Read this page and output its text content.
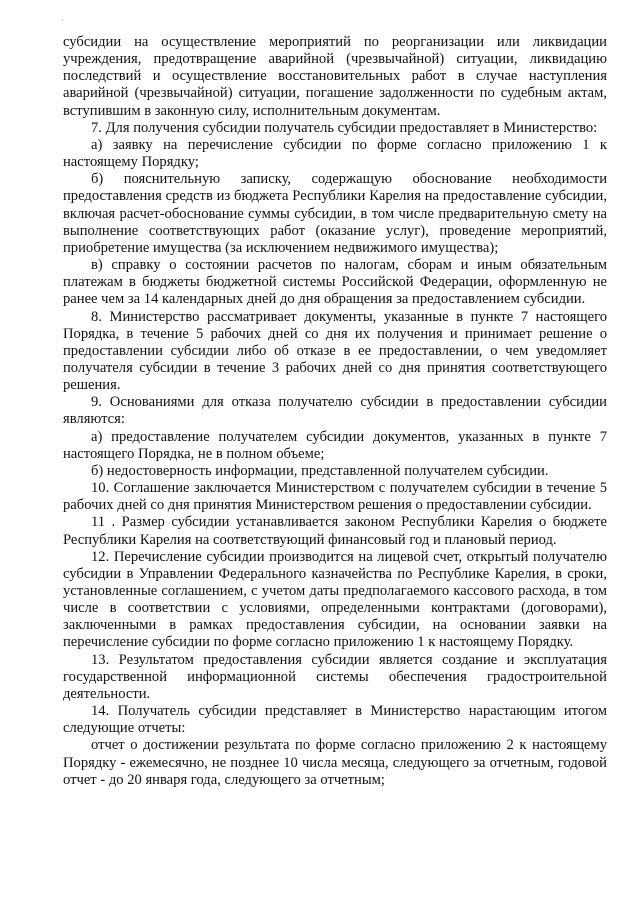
'

субсидии на осуществление мероприятий по реорганизации или ликвидации учреждения, предотвращение аварийной (чрезвычайной) ситуации, ликвидацию последствий и осуществление восстановительных работ в случае наступления аварийной (чрезвычайной) ситуации, погашение задолженности по судебным актам, вступившим в законную силу, исполнительным документам.

7. Для получения субсидии получатель субсидии предоставляет в Министерство:

а) заявку на перечисление субсидии по форме согласно приложению 1 к настоящему Порядку;

б) пояснительную записку, содержащую обоснование необходимости предоставления средств из бюджета Республики Карелия на предоставление субсидии, включая расчет-обоснование суммы субсидии, в том числе предварительную смету на выполнение соответствующих работ (оказание услуг), проведение мероприятий, приобретение имущества (за исключением недвижимого имущества);

в) справку о состоянии расчетов по налогам, сборам и иным обязательным платежам в бюджеты бюджетной системы Российской Федерации, оформленную не ранее чем за 14 календарных дней до дня обращения за предоставлением субсидии.

8. Министерство рассматривает документы, указанные в пункте 7 настоящего Порядка, в течение 5 рабочих дней со дня их получения и принимает решение о предоставлении субсидии либо об отказе в ее предоставлении, о чем уведомляет получателя субсидии в течение 3 рабочих дней со дня принятия соответствующего решения.

9. Основаниями для отказа получателю субсидии в предоставлении субсидии являются:

а) предоставление получателем субсидии документов, указанных в пункте 7 настоящего Порядка, не в полном объеме;

б) недостоверность информации, представленной получателем субсидии.

10. Соглашение заключается Министерством с получателем субсидии в течение 5 рабочих дней со дня принятия Министерством решения о предоставлении субсидии.

11 . Размер субсидии устанавливается законом Республики Карелия о бюджете Республики Карелия на соответствующий финансовый год и плановый период.

12. Перечисление субсидии производится на лицевой счет, открытый получателю субсидии в Управлении Федерального казначейства по Республике Карелия, в сроки, установленные соглашением, с учетом даты предполагаемого кассового расхода, в том числе в соответствии с условиями, определенными контрактами (договорами), заключенными в рамках предоставления субсидии, на основании заявки на перечисление субсидии по форме согласно приложению 1 к настоящему Порядку.

13. Результатом предоставления субсидии является создание и эксплуатация государственной информационной системы обеспечения градостроительной деятельности.

14. Получатель субсидии представляет в Министерство нарастающим итогом следующие отчеты:

отчет о достижении результата по форме согласно приложению 2 к настоящему Порядку - ежемесячно, не позднее 10 числа месяца, следующего за отчетным, годовой отчет - до 20 января года, следующего за отчетным;
